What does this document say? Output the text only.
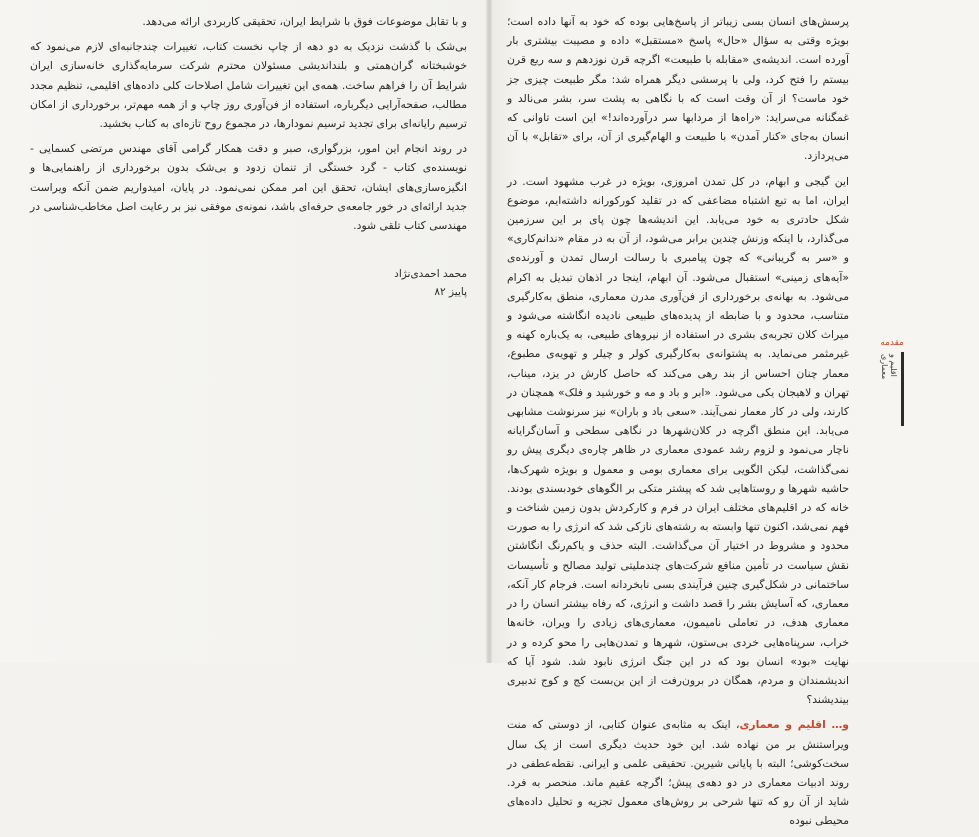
و با تقابل موضوعات فوق با شرایط ایران، تحقیقی کاربردی ارائه می‌دهد.

بی‌شک با گذشت نزدیک به دو دهه از چاپ نخست کتاب، تغییرات چندجانبه‌ای لازم می‌نمود که خوشبختانه گران‌همتی و بلنداندیشی مسئولان محترم شرکت سرمایه‌گذاری خانه‌سازی ایران شرایط آن را فراهم ساخت. همه‌ی این تغییرات شامل اصلاحات کلی داده‌های اقلیمی، تنظیم مجدد مطالب، صفحه‌آرایی دیگرباره، استفاده از فن‌آوری روز چاپ و از همه مهم‌تر، برخورداری از امکان ترسیم رایانه‌ای برای تجدید ترسیم نمودارها، در مجموع روح تازه‌ای به کتاب بخشید.

در روند انجام این امور، بزرگواری، صبر و دقت همکار گرامی آقای مهندس مرتضی کسمایی - نویسنده‌ی کتاب - گرد خستگی از تنمان زدود و بی‌شک بدون برخورداری از راهنمایی‌ها و انگیزه‌سازی‌های ایشان، تحقق این امر ممکن نمی‌نمود. در پایان، امیدواریم ضمن آنکه ویراست جدید ارائه‌ای در خور جامعه‌ی حرفه‌ای باشد، نمونه‌ی موفقی نیز بر رعایت اصل مخاطب‌شناسی در مهندسی کتاب تلقی شود.

محمد احمدی‌نژاد
پاییز ۸۲

پرسش‌های انسان بسی زیباتر از پاسخ‌هایی بوده که خود به آنها داده است؛ بویژه وقتی به سؤال «حال» پاسخ «مستقبل» داده و مصیبت بیشتری بار آورده است. اندیشه‌ی «مقابله با طبیعت» اگرچه قرن نوزدهم و سه ربع قرن بیستم را فتح کرد، ولی با پرسشی دیگر همراه شد: مگر طبیعت چیزی جز خود ماست؟ از آن وقت است که با نگاهی به پشت سر، بشر می‌نالد و غمگنانه می‌سراید: «راه‌ها از مردابها سر درآورده‌اند!» این است تاوانی که انسان به‌جای «کنار آمدن» با طبیعت و الهام‌گیری از آن، برای «تقابل» با آن می‌پردازد.

این گیجی و ابهام، در کل تمدن امروزی، بویژه در غرب مشهود است. در ایران، اما به تبع اشتباه مضاعفی که در تقلید کورکورانه داشته‌ایم، موضوع شکل حادتری به خود می‌یابد. این اندیشه‌ها چون پای بر این سرزمین می‌گذارد، با اینکه وزنش چندین برابر می‌شود، از آن به در مقام «ندانم‌کاری» و «سر به گریبانی» که چون پیامبری با رسالت ارسال تمدن و آورنده‌ی «آیه‌های زمینی» استقبال می‌شود. آن ابهام، اینجا در اذهان تبدیل به اکرام می‌شود. به بهانه‌ی برخورداری از فن‌آوری مدرن معماری، منطق به‌کارگیری متناسب، محدود و با ضابطه از پدیده‌های طبیعی نادیده انگاشته می‌شود و میراث کلان تجربه‌ی بشری در استفاده از نیروهای طبیعی، به یک‌باره کهنه و غیرمثمر می‌نماید. به پشتوانه‌ی به‌کارگیری کولر و چیلر و تهویه‌ی مطبوع، معمار چنان احساس از بند رهی می‌کند که حاصل کارش در یزد، میناب، تهران و لاهیجان یکی می‌شود. «ابر و باد و مه و خورشید و فلک» همچنان در کارند، ولی در کار معمار نمی‌آیند. «سعی باد و باران» نیز سرنوشت مشابهی می‌یابد. این منطق اگرچه در کلان‌شهرها در نگاهی سطحی و آسان‌گرایانه ناچار می‌نمود و لزوم رشد عمودی معماری در ظاهر چاره‌ی دیگری پیش رو نمی‌گذاشت، لیکن الگویی برای معماری بومی و معمول و بویژه شهرک‌ها، حاشیه شهرها و روستاهایی شد که پیشتر متکی بر الگوهای خودبسندی بودند. خانه که در اقلیم‌های مختلف ایران در فرم و کارکردش بدون زمین شناخت و فهم نمی‌شد، اکنون تنها وابسته به رشته‌های نازکی شد که انرژی را به صورت محدود و مشروط در اختیار آن می‌گذاشت. البته حذف و یاکم‌رنگ انگاشتن نقش سیاست در تأمین منافع شرکت‌های چندملیتی تولید مصالح و تأسیسات ساختمانی در شکل‌گیری چنین فرآیندی بسی نابخردانه است. فرجام کار آنکه، معماری، که آسایش بشر را قصد داشت و انرژی، که رفاه بیشتر انسان را در معماری هدف، در تعاملی نامیمون، معماری‌های زیادی را ویران، خانه‌ها خراب، سرپناه‌هایی خردی بی‌ستون، شهرها و تمدن‌هایی را محو کرده و در نهایت «بود» انسان بود که در این جنگ انرژی نابود شد. شود آیا که اندیشمندان و مردم، همگان در برون‌رفت از این بن‌بست کج و کوج تدبیری بیندیشند؟

و… اقلیم و معماری، اینک به مثابه‌ی عنوان کتابی، از دوستی که منت ویراستنش بر من نهاده شد. این خود حدیث دیگری است از یک سال سخت‌کوشی؛ البته با پایانی شیرین. تحقیقی علمی و ایرانی. نقطه‌عطفی در روند ادبیات معماری در دو دهه‌ی پیش؛ اگرچه عقیم ماند. منحصر به فرد. شاید از آن رو که تنها شرحی بر روش‌های معمول تجزیه و تحلیل داده‌های محیطی نبوده

مقدمه
اقلیم و معماری
